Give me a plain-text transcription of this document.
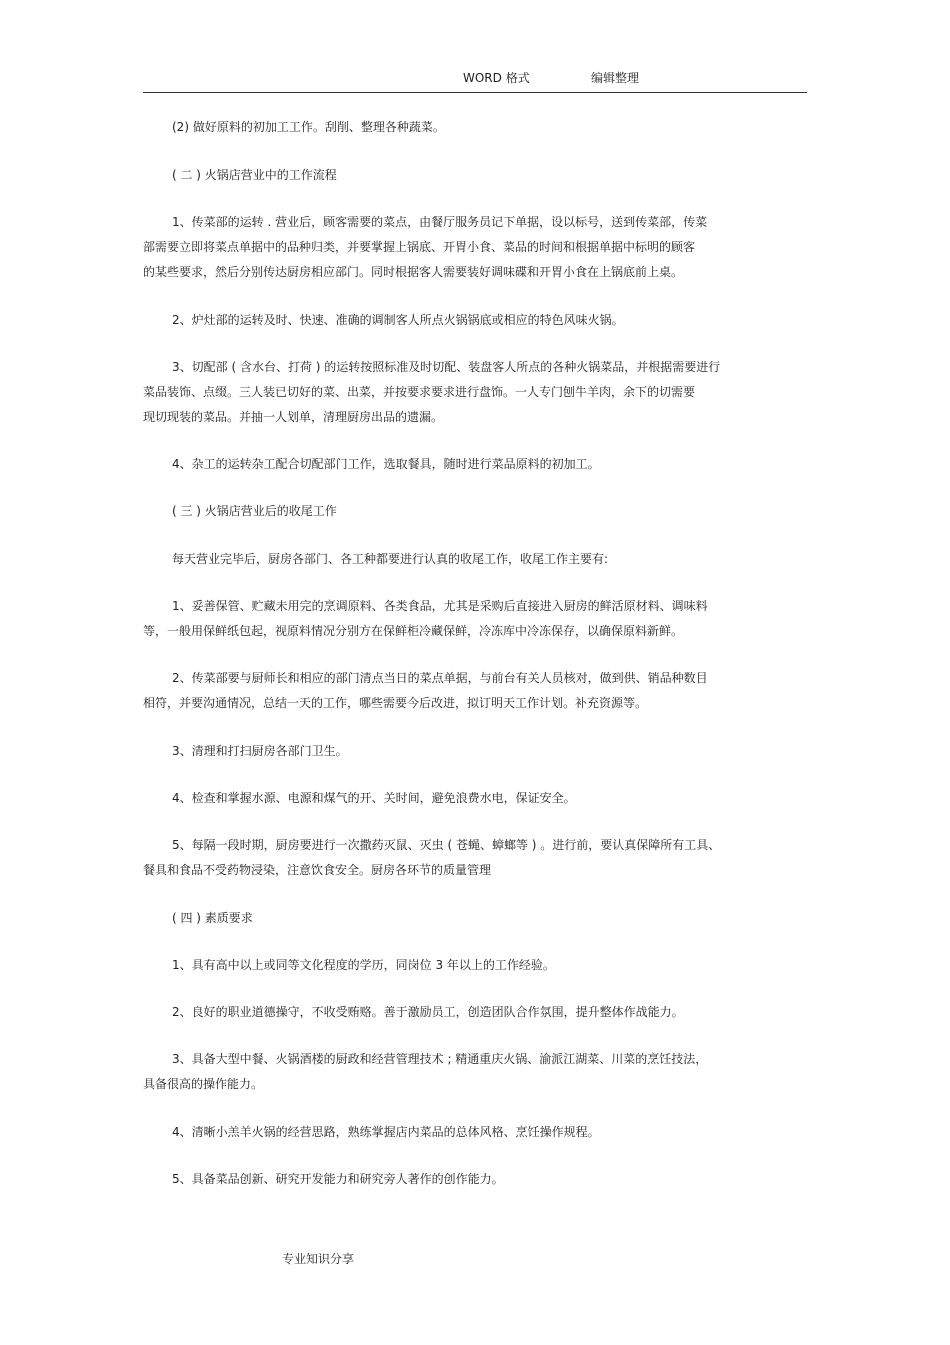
WORD 格式	编辑整理
(2) 做好原料的初加工工作。刮削、整理各种蔬菜。
( 二 ) 火锅店营业中的工作流程
1、传菜部的运转 . 营业后，顾客需要的菜点，由餐厅服务员记下单据，设以标号，送到传菜部，传菜
部需要立即将菜点单据中的品种归类，并要掌握上锅底、开胃小食、菜品的时间和根据单据中标明的顾客
的某些要求，然后分别传达厨房相应部门。同时根据客人需要装好调味碟和开胃小食在上锅底前上桌。
2、炉灶部的运转及时、快速、准确的调制客人所点火锅锅底或相应的特色风味火锅。
3、切配部 ( 含水台、打荷 ) 的运转按照标准及时切配、装盘客人所点的各种火锅菜品，并根据需要进行
菜品装饰、点缀。三人装已切好的菜、出菜，并按要求要求进行盘饰。一人专门刨牛羊肉，余下的切需要
现切现装的菜品。并抽一人划单，清理厨房出品的遗漏。
4、杂工的运转杂工配合切配部门工作，选取餐具，随时进行菜品原料的初加工。
( 三 ) 火锅店营业后的收尾工作
每天营业完毕后，厨房各部门、各工种都要进行认真的收尾工作，收尾工作主要有:
1、妥善保管、贮藏未用完的烹调原料、各类食品，尤其是采购后直接进入厨房的鲜活原材料、调味料
等，一般用保鲜纸包起，视原料情况分别方在保鲜柜冷藏保鲜，冷冻库中冷冻保存，以确保原料新鲜。
2、传菜部要与厨师长和相应的部门清点当日的菜点单据，与前台有关人员核对，做到供、销品种数目
相符，并要沟通情况，总结一天的工作，哪些需要今后改进，拟订明天工作计划。补充资源等。
3、清理和打扫厨房各部门卫生。
4、检查和掌握水源、电源和煤气的开、关时间，避免浪费水电，保证安全。
5、每隔一段时期，厨房要进行一次撒药灭鼠、灭虫 ( 苍蝇、蟑螂等 ) 。进行前，要认真保障所有工具、
餐具和食品不受药物浸染，注意饮食安全。厨房各环节的质量管理
( 四 ) 素质要求
1、具有高中以上或同等文化程度的学历，同岗位 3 年以上的工作经验。
2、良好的职业道德操守，不收受贿赂。善于激励员工，创造团队合作氛围，提升整体作战能力。
3、具备大型中餐、火锅酒楼的厨政和经营管理技术 ; 精通重庆火锅、渝派江湖菜、川菜的烹饪技法，
具备很高的操作能力。
4、清晰小羔羊火锅的经营思路，熟练掌握店内菜品的总体风格、烹饪操作规程。
5、具备菜品创新、研究开发能力和研究旁人著作的创作能力。
专业知识分享
